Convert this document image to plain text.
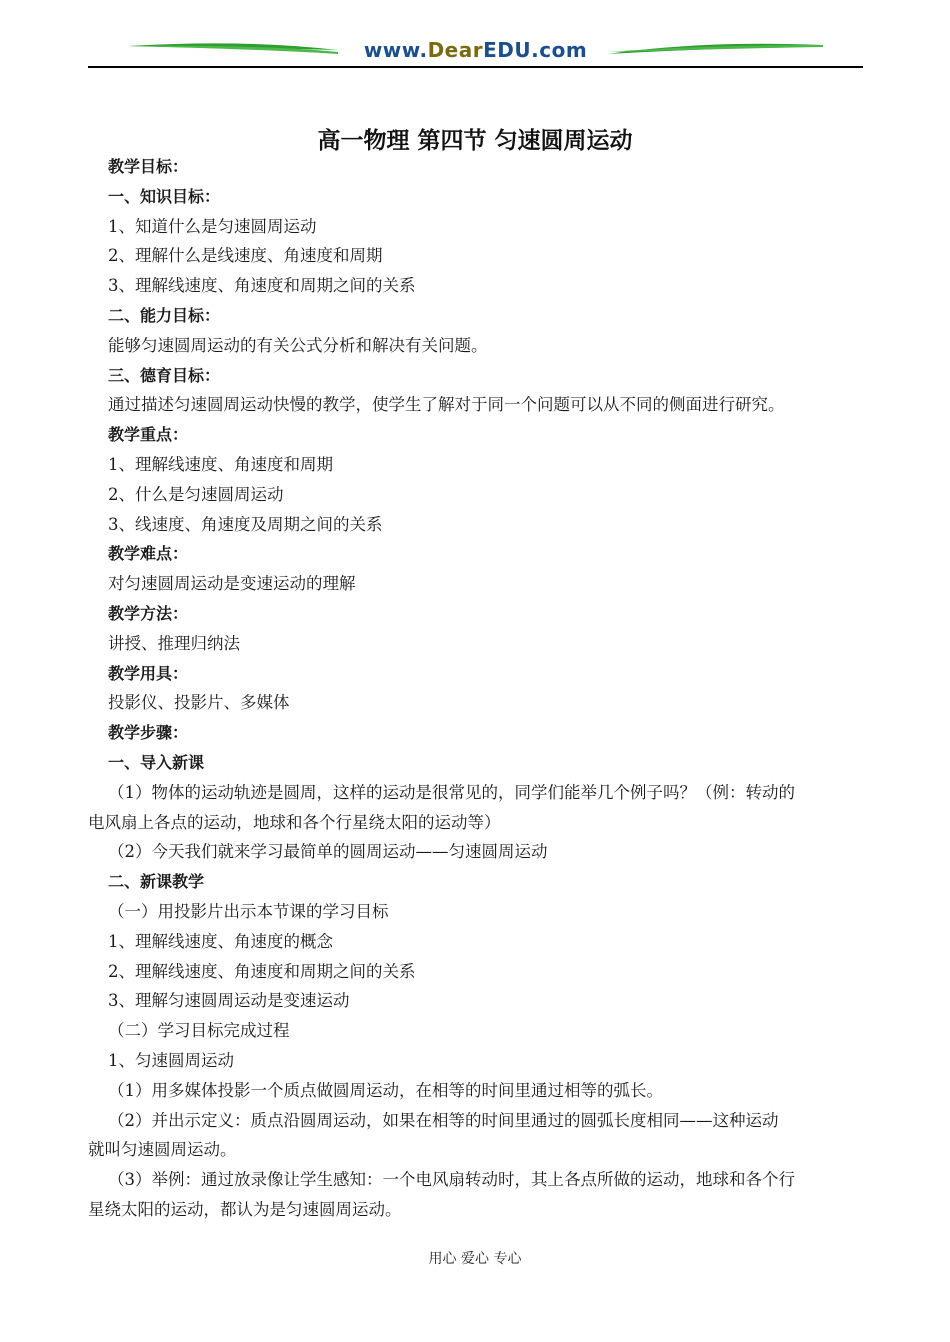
www.DearEDU.com
高一物理 第四节 匀速圆周运动
教学目标：
一、知识目标：
1、知道什么是匀速圆周运动
2、理解什么是线速度、角速度和周期
3、理解线速度、角速度和周期之间的关系
二、能力目标：
能够匀速圆周运动的有关公式分析和解决有关问题。
三、德育目标：
通过描述匀速圆周运动快慢的教学，使学生了解对于同一个问题可以从不同的侧面进行研究。
教学重点：
1、理解线速度、角速度和周期
2、什么是匀速圆周运动
3、线速度、角速度及周期之间的关系
教学难点：
对匀速圆周运动是变速运动的理解
教学方法：
讲授、推理归纳法
教学用具：
投影仪、投影片、多媒体
教学步骤：
一、导入新课
（1）物体的运动轨迹是圆周，这样的运动是很常见的，同学们能举几个例子吗？（例：转动的
电风扇上各点的运动，地球和各个行星绕太阳的运动等）
（2）今天我们就来学习最简单的圆周运动——匀速圆周运动
二、新课教学
（一）用投影片出示本节课的学习目标
1、理解线速度、角速度的概念
2、理解线速度、角速度和周期之间的关系
3、理解匀速圆周运动是变速运动
（二）学习目标完成过程
1、匀速圆周运动
（1）用多媒体投影一个质点做圆周运动，在相等的时间里通过相等的弧长。
（2）并出示定义：质点沿圆周运动，如果在相等的时间里通过的圆弧长度相同——这种运动
就叫匀速圆周运动。
（3）举例：通过放录像让学生感知：一个电风扇转动时，其上各点所做的运动，地球和各个行
星绕太阳的运动，都认为是匀速圆周运动。
用心 爱心 专心
